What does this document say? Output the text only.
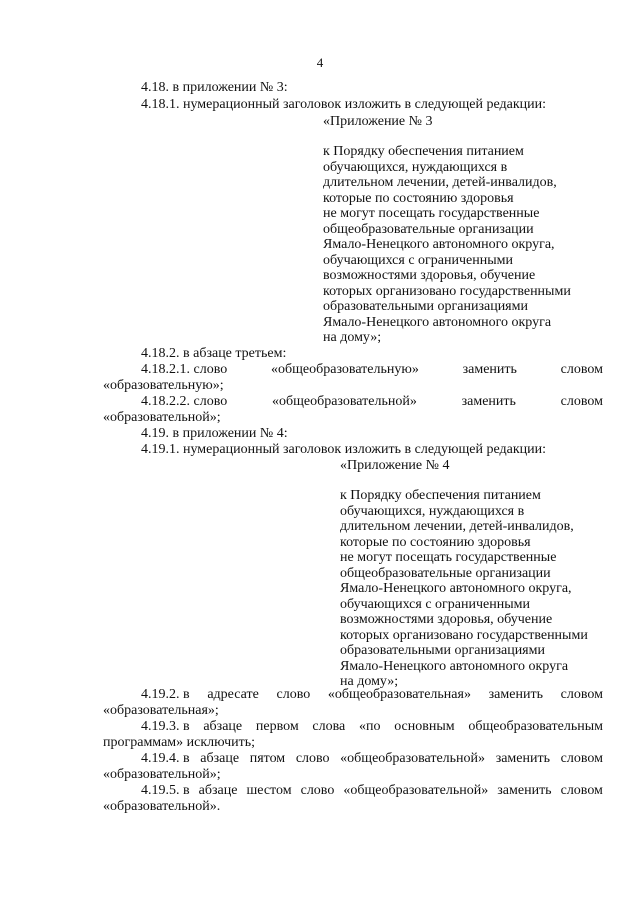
4
4.18. в приложении № 3:
4.18.1. нумерационный заголовок изложить в следующей редакции:
«Приложение № 3
к Порядку обеспечения питанием
обучающихся, нуждающихся в
длительном лечении, детей-инвалидов,
которые по состоянию здоровья
не могут посещать государственные
общеобразовательные организации
Ямало-Ненецкого автономного округа,
обучающихся с ограниченными
возможностями здоровья, обучение
которых организовано государственными
образовательными организациями
Ямало-Ненецкого автономного округа
на дому»;
4.18.2. в абзаце третьем:
4.18.2.1. слово	«общеобразовательную»	заменить	словом
«образовательную»;
4.18.2.2. слово	«общеобразовательной»	заменить	словом
«образовательной»;
4.19. в приложении № 4:
4.19.1. нумерационный заголовок изложить в следующей редакции:
«Приложение № 4
к Порядку обеспечения питанием
обучающихся, нуждающихся в
длительном лечении, детей-инвалидов,
которые по состоянию здоровья
не могут посещать государственные
общеобразовательные организации
Ямало-Ненецкого автономного округа,
обучающихся с ограниченными
возможностями здоровья, обучение
которых организовано государственными
образовательными организациями
Ямало-Ненецкого автономного округа
на дому»;
4.19.2. в адресате слово «общеобразовательная» заменить словом
«образовательная»;
4.19.3. в абзаце первом слова «по основным общеобразовательным
программам» исключить;
4.19.4. в абзаце пятом слово «общеобразовательной» заменить словом
«образовательной»;
4.19.5. в абзаце шестом слово «общеобразовательной» заменить словом
«образовательной».
